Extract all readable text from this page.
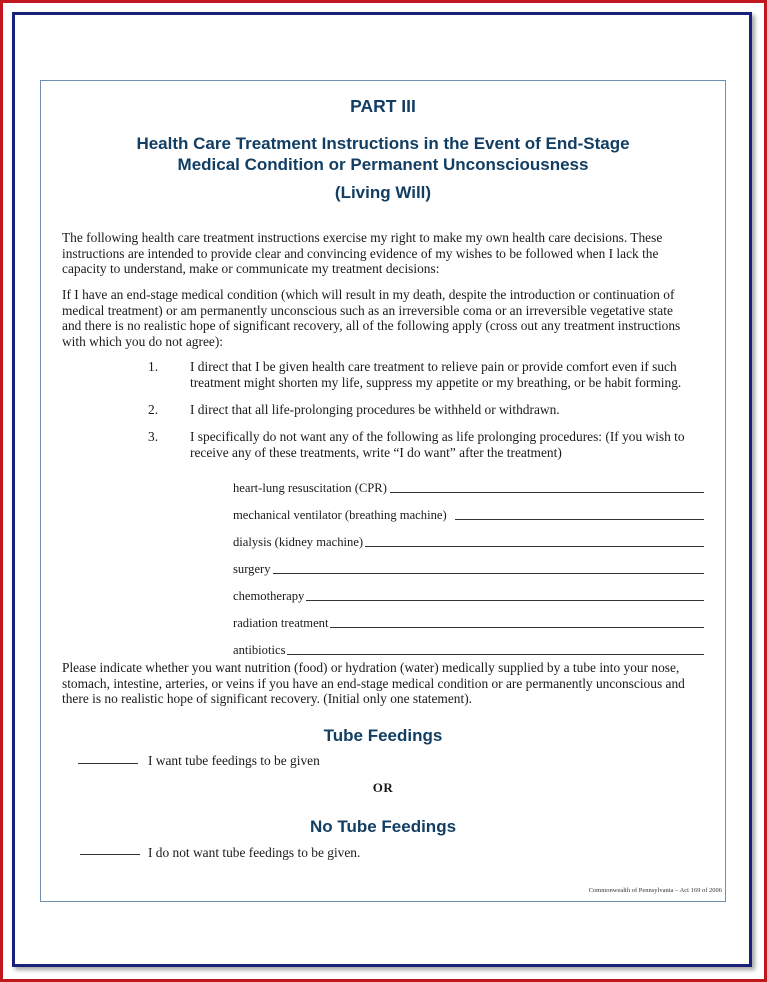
PART III
Health Care Treatment Instructions in the Event of End-Stage
Medical Condition or Permanent Unconsciousness
(Living Will)
The following health care treatment instructions exercise my right to make my own health care decisions. These
instructions are intended to provide clear and convincing evidence of my wishes to be followed when I lack the
capacity to understand, make or communicate my treatment decisions:
If I have an end-stage medical condition (which will result in my death, despite the introduction or continuation of
medical treatment) or am permanently unconscious such as an irreversible coma or an irreversible vegetative state
and there is no realistic hope of significant recovery, all of the following apply (cross out any treatment instructions
with which you do not agree):
1. I direct that I be given health care treatment to relieve pain or provide comfort even if such
treatment might shorten my life, suppress my appetite or my breathing, or be habit forming.
2. I direct that all life-prolonging procedures be withheld or withdrawn.
3. I specifically do not want any of the following as life prolonging procedures: (If you wish to
receive any of these treatments, write “I do want” after the treatment)
heart-lung resuscitation (CPR)
mechanical ventilator (breathing machine)
dialysis (kidney machine)
surgery
chemotherapy
radiation treatment
antibiotics
Please indicate whether you want nutrition (food) or hydration (water) medically supplied by a tube into your nose,
stomach, intestine, arteries, or veins if you have an end-stage medical condition or are permanently unconscious and
there is no realistic hope of significant recovery. (Initial only one statement).
Tube Feedings
I want tube feedings to be given
OR
No Tube Feedings
I do not want tube feedings to be given.
Commonwealth of Pennsylvania – Act 169 of 2006
